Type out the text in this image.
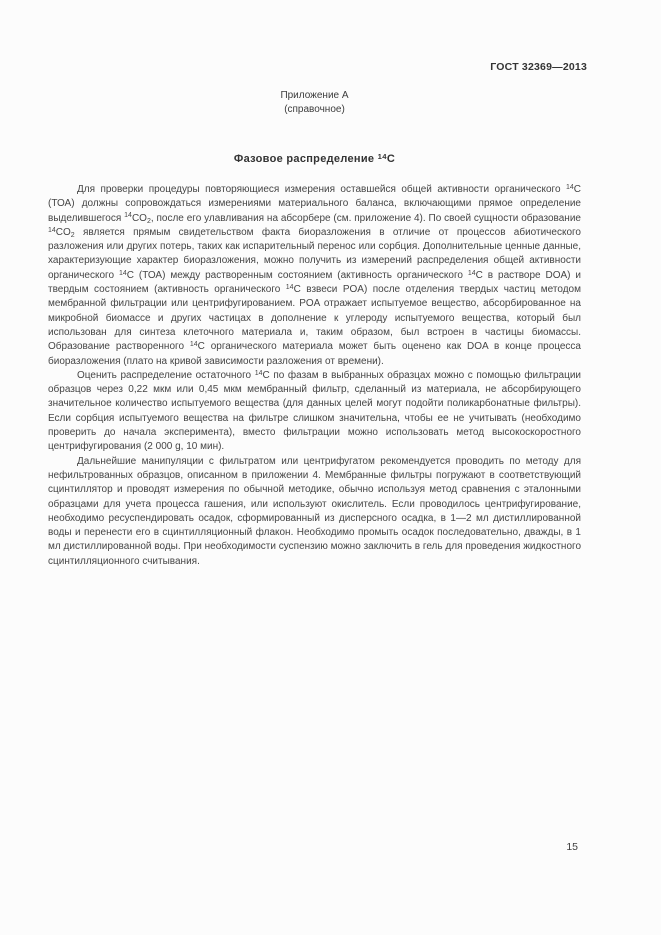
ГОСТ 32369—2013
Приложение А
(справочное)
Фазовое распределение $^{14}$C

Для проверки процедуры повторяющиеся измерения оставшейся общей активности органического $^{14}$C (ТОА) должны сопровождаться измерениями материального баланса, включающими прямое определение выделившегося $^{14}CO_2$, после его улавливания на абсорбере (см. приложение 4). По своей сущности образование $^{14}CO_2$ является прямым свидетельством факта биоразложения в отличие от процессов абиотического разложения или других потерь, таких как испарительный перенос или сорбция. Дополнительные ценные данные, характеризующие характер биоразложения, можно получить из измерений распределения общей активности органического $^{14}$C (ТОА) между растворенным состоянием (активность органического $^{14}$C в растворе DOA) и твердым состоянием (активность органического $^{14}$C взвеси POA) после отделения твердых частиц методом мембранной фильтрации или центрифугированием. POA отражает испытуемое вещество, абсорбированное на микробной биомассе и других частицах в дополнение к углероду испытуемого вещества, который был использован для синтеза клеточного материала и, таким образом, был встроен в частицы биомассы. Образование растворенного $^{14}$C органического материала может быть оценено как DOA в конце процесса биоразложения (плато на кривой зависимости разложения от времени).

Оценить распределение остаточного $^{14}$C по фазам в выбранных образцах можно с помощью фильтрации образцов через 0,22 мкм или 0,45 мкм мембранный фильтр, сделанный из материала, не абсорбирующего значительное количество испытуемого вещества (для данных целей могут подойти поликарбонатные фильтры). Если сорбция испытуемого вещества на фильтре слишком значительна, чтобы ее не учитывать (необходимо проверить до начала эксперимента), вместо фильтрации можно использовать метод высокоскоростного центрифугирования (2 000 g, 10 мин).

Дальнейшие манипуляции с фильтратом или центрифугатом рекомендуется проводить по методу для нефильтрованных образцов, описанном в приложении 4. Мембранные фильтры погружают в соответствующий сцинтиллятор и проводят измерения по обычной методике, обычно используя метод сравнения с эталонными образцами для учета процесса гашения, или используют окислитель. Если проводилось центрифугирование, необходимо ресуспендировать осадок, сформированный из дисперсного осадка, в 1—2 мл дистиллированной воды и перенести его в сцинтилляционный флакон. Необходимо промыть осадок последовательно, дважды, в 1 мл дистиллированной воды. При необходимости суспензию можно заключить в гель для проведения жидкостного сцинтилляционного считывания.

15
